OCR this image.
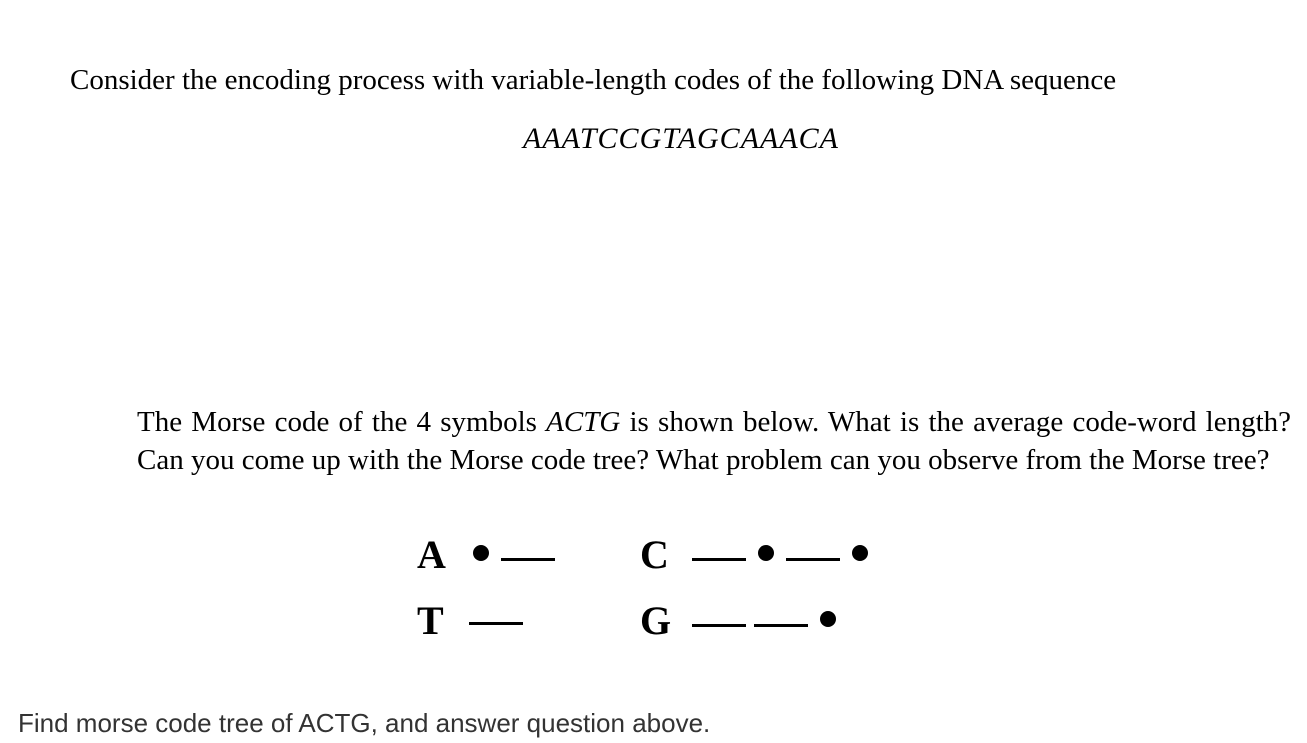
Consider the encoding process with variable-length codes of the following DNA sequence

AAATCCGTAGCAAACA

The Morse code of the 4 symbols ACTG is shown below. What is the average code-word length? Can you come up with the Morse code tree? What problem can you observe from the Morse tree?

A	C
T	G

Find morse code tree of ACTG, and answer question above.
